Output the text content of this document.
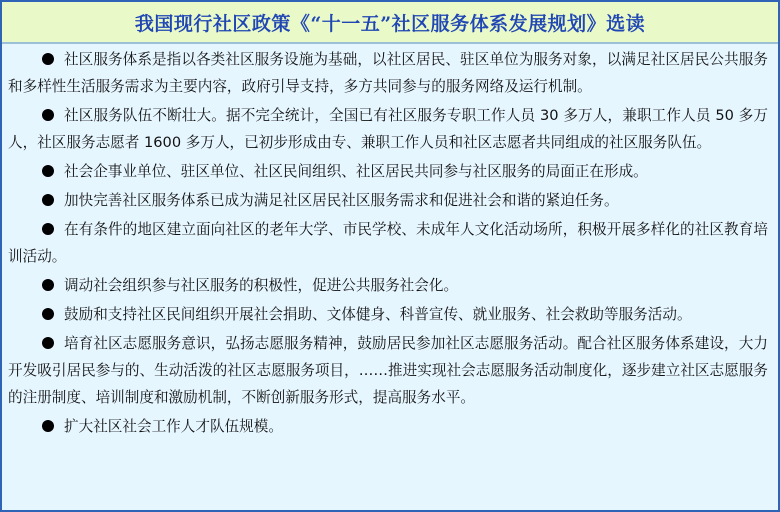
我国现行社区政策《“十一五”社区服务体系发展规划》选读

社区服务体系是指以各类社区服务设施为基础，以社区居民、驻区单位为服务对象，以满足社区居民公共服务和多样性生活服务需求为主要内容，政府引导支持，多方共同参与的服务网络及运行机制。

社区服务队伍不断壮大。据不完全统计，全国已有社区服务专职工作人员 30 多万人，兼职工作人员 50 多万人，社区服务志愿者 1600 多万人，已初步形成由专、兼职工作人员和社区志愿者共同组成的社区服务队伍。

社会企事业单位、驻区单位、社区民间组织、社区居民共同参与社区服务的局面正在形成。

加快完善社区服务体系已成为满足社区居民社区服务需求和促进社会和谐的紧迫任务。

在有条件的地区建立面向社区的老年大学、市民学校、未成年人文化活动场所，积极开展多样化的社区教育培训活动。

调动社会组织参与社区服务的积极性，促进公共服务社会化。

鼓励和支持社区民间组织开展社会捐助、文体健身、科普宣传、就业服务、社会救助等服务活动。

培育社区志愿服务意识，弘扬志愿服务精神，鼓励居民参加社区志愿服务活动。配合社区服务体系建设，大力开发吸引居民参与的、生动活泼的社区志愿服务项目，……推进实现社会志愿服务活动制度化，逐步建立社区志愿服务的注册制度、培训制度和激励机制，不断创新服务形式，提高服务水平。

扩大社区社会工作人才队伍规模。
